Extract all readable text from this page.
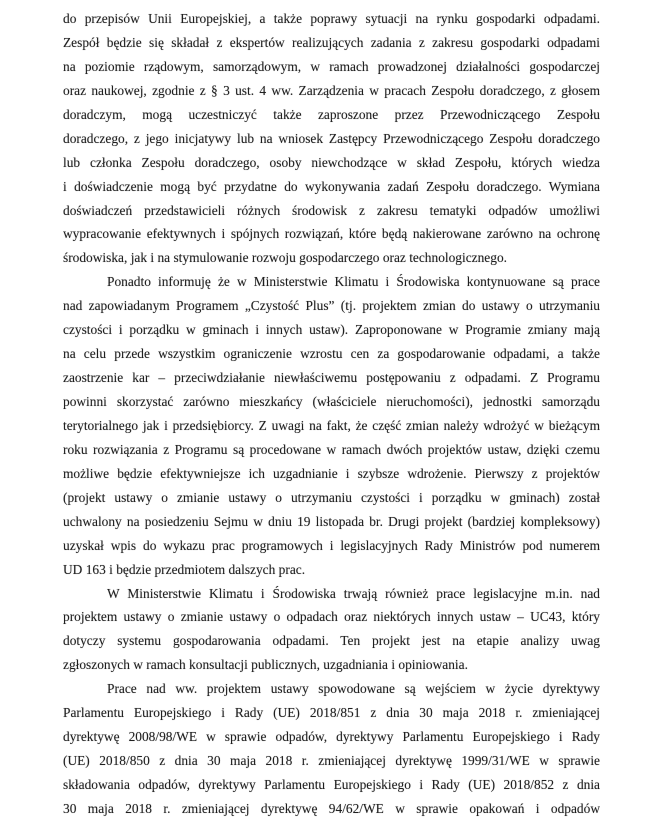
do przepisów Unii Europejskiej, a także poprawy sytuacji na rynku gospodarki odpadami.
Zespół będzie się składał z ekspertów realizujących zadania z zakresu gospodarki odpadami
na poziomie rządowym, samorządowym, w ramach prowadzonej działalności gospodarczej
oraz naukowej, zgodnie z § 3 ust. 4 ww. Zarządzenia w pracach Zespołu doradczego, z głosem
doradczym, mogą uczestniczyć także zaproszone przez Przewodniczącego Zespołu
doradczego, z jego inicjatywy lub na wniosek Zastępcy Przewodniczącego Zespołu doradczego
lub członka Zespołu doradczego, osoby niewchodzące w skład Zespołu, których wiedza
i doświadczenie mogą być przydatne do wykonywania zadań Zespołu doradczego. Wymiana
doświadczeń przedstawicieli różnych środowisk z zakresu tematyki odpadów umożliwi
wypracowanie efektywnych i spójnych rozwiązań, które będą nakierowane zarówno na ochronę
środowiska, jak i na stymulowanie rozwoju gospodarczego oraz technologicznego.
Ponadto informuję że w Ministerstwie Klimatu i Środowiska kontynuowane są prace
nad zapowiadanym Programem „Czystość Plus” (tj. projektem zmian do ustawy o utrzymaniu
czystości i porządku w gminach i innych ustaw). Zaproponowane w Programie zmiany mają
na celu przede wszystkim ograniczenie wzrostu cen za gospodarowanie odpadami, a także
zaostrzenie kar – przeciwdziałanie niewłaściwemu postępowaniu z odpadami. Z Programu
powinni skorzystać zarówno mieszkańcy (właściciele nieruchomości), jednostki samorządu
terytorialnego jak i przedsiębiorcy. Z uwagi na fakt, że część zmian należy wdrożyć w bieżącym
roku rozwiązania z Programu są procedowane w ramach dwóch projektów ustaw, dzięki czemu
możliwe będzie efektywniejsze ich uzgadnianie i szybsze wdrożenie. Pierwszy z projektów
(projekt ustawy o zmianie ustawy o utrzymaniu czystości i porządku w gminach) został
uchwalony na posiedzeniu Sejmu w dniu 19 listopada br. Drugi projekt (bardziej kompleksowy)
uzyskał wpis do wykazu prac programowych i legislacyjnych Rady Ministrów pod numerem
UD 163 i będzie przedmiotem dalszych prac.
W Ministerstwie Klimatu i Środowiska trwają również prace legislacyjne m.in. nad
projektem ustawy o zmianie ustawy o odpadach oraz niektórych innych ustaw – UC43, który
dotyczy systemu gospodarowania odpadami. Ten projekt jest na etapie analizy uwag
zgłoszonych w ramach konsultacji publicznych, uzgadniania i opiniowania.
Prace nad ww. projektem ustawy spowodowane są wejściem w życie dyrektywy
Parlamentu Europejskiego i Rady (UE) 2018/851 z dnia 30 maja 2018 r. zmieniającej
dyrektywę 2008/98/WE w sprawie odpadów, dyrektywy Parlamentu Europejskiego i Rady
(UE) 2018/850 z dnia 30 maja 2018 r. zmieniającej dyrektywę 1999/31/WE w sprawie
składowania odpadów, dyrektywy Parlamentu Europejskiego i Rady (UE) 2018/852 z dnia
30 maja 2018 r. zmieniającej dyrektywę 94/62/WE w sprawie opakowań i odpadów
